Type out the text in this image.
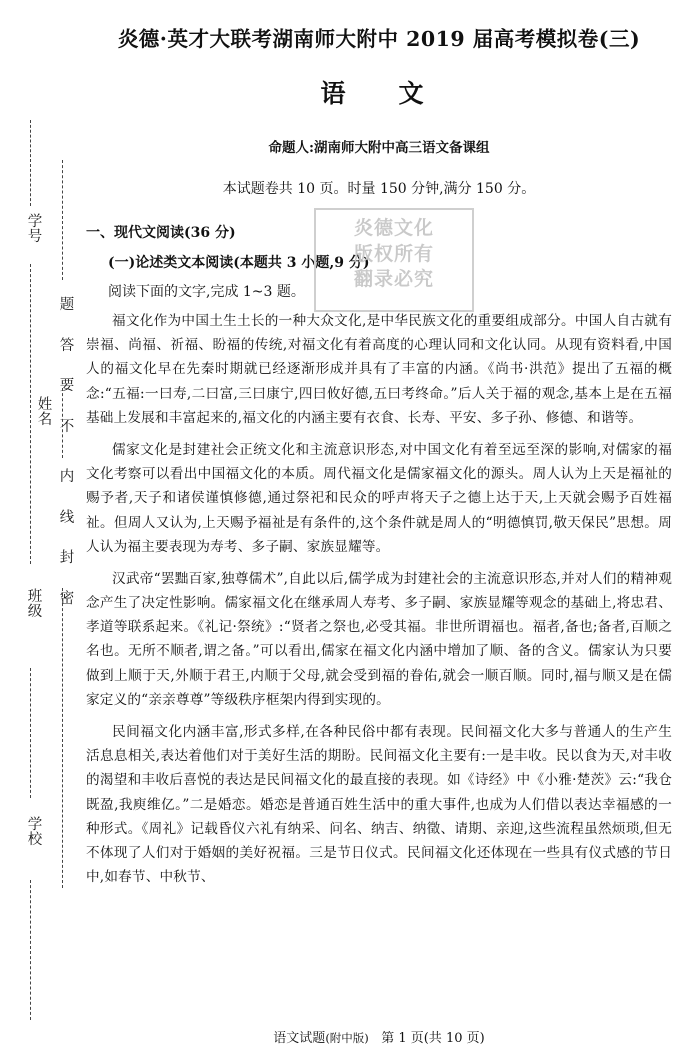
学　号
题
答
要
不
姓　名
内
线
封
密
班　级
学　校
炎德·英才大联考湖南师大附中 2019 届高考模拟卷(三)
语　文
命题人:湖南师大附中高三语文备课组
本试题卷共 10 页。时量 150 分钟,满分 150 分。
一、现代文阅读(36 分)
(一)论述类文本阅读(本题共 3 小题,9 分)
阅读下面的文字,完成 1~3 题。

福文化作为中国土生土长的一种大众文化,是中华民族文化的重要组成部分。中国人自古就有崇福、尚福、祈福、盼福的传统,对福文化有着高度的心理认同和文化认同。从现有资料看,中国人的福文化早在先秦时期就已经逐渐形成并具有了丰富的内涵。《尚书·洪范》提出了五福的概念:“五福:一曰寿,二曰富,三曰康宁,四曰攸好德,五曰考终命。”后人关于福的观念,基本上是在五福基础上发展和丰富起来的,福文化的内涵主要有衣食、长寿、平安、多子孙、修德、和谐等。

儒家文化是封建社会正统文化和主流意识形态,对中国文化有着至远至深的影响,对儒家的福文化考察可以看出中国福文化的本质。周代福文化是儒家福文化的源头。周人认为上天是福祉的赐予者,天子和诸侯谨慎修德,通过祭祀和民众的呼声将天子之德上达于天,上天就会赐予百姓福祉。但周人又认为,上天赐予福祉是有条件的,这个条件就是周人的“明德慎罚,敬天保民”思想。周人认为福主要表现为寿考、多子嗣、家族显耀等。

汉武帝“罢黜百家,独尊儒术”,自此以后,儒学成为封建社会的主流意识形态,并对人们的精神观念产生了决定性影响。儒家福文化在继承周人寿考、多子嗣、家族显耀等观念的基础上,将忠君、孝道等联系起来。《礼记·祭统》:“贤者之祭也,必受其福。非世所谓福也。福者,备也;备者,百顺之名也。无所不顺者,谓之备。”可以看出,儒家在福文化内涵中增加了顺、备的含义。儒家认为只要做到上顺于天,外顺于君王,内顺于父母,就会受到福的眷佑,就会一顺百顺。同时,福与顺又是在儒家定义的“亲亲尊尊”等级秩序框架内得到实现的。

民间福文化内涵丰富,形式多样,在各种民俗中都有表现。民间福文化大多与普通人的生产生活息息相关,表达着他们对于美好生活的期盼。民间福文化主要有:一是丰收。民以食为天,对丰收的渴望和丰收后喜悦的表达是民间福文化的最直接的表现。如《诗经》中《小雅·楚茨》云:“我仓既盈,我庾维亿。”二是婚恋。婚恋是普通百姓生活中的重大事件,也成为人们借以表达幸福感的一种形式。《周礼》记载昏仪六礼有纳采、问名、纳吉、纳徵、请期、亲迎,这些流程虽然烦琐,但无不体现了人们对于婚姻的美好祝福。三是节日仪式。民间福文化还体现在一些具有仪式感的节日中,如春节、中秋节、

炎德文化
版权所有
翻录必究
语文试题(附中版) 第 1 页(共 10 页)
